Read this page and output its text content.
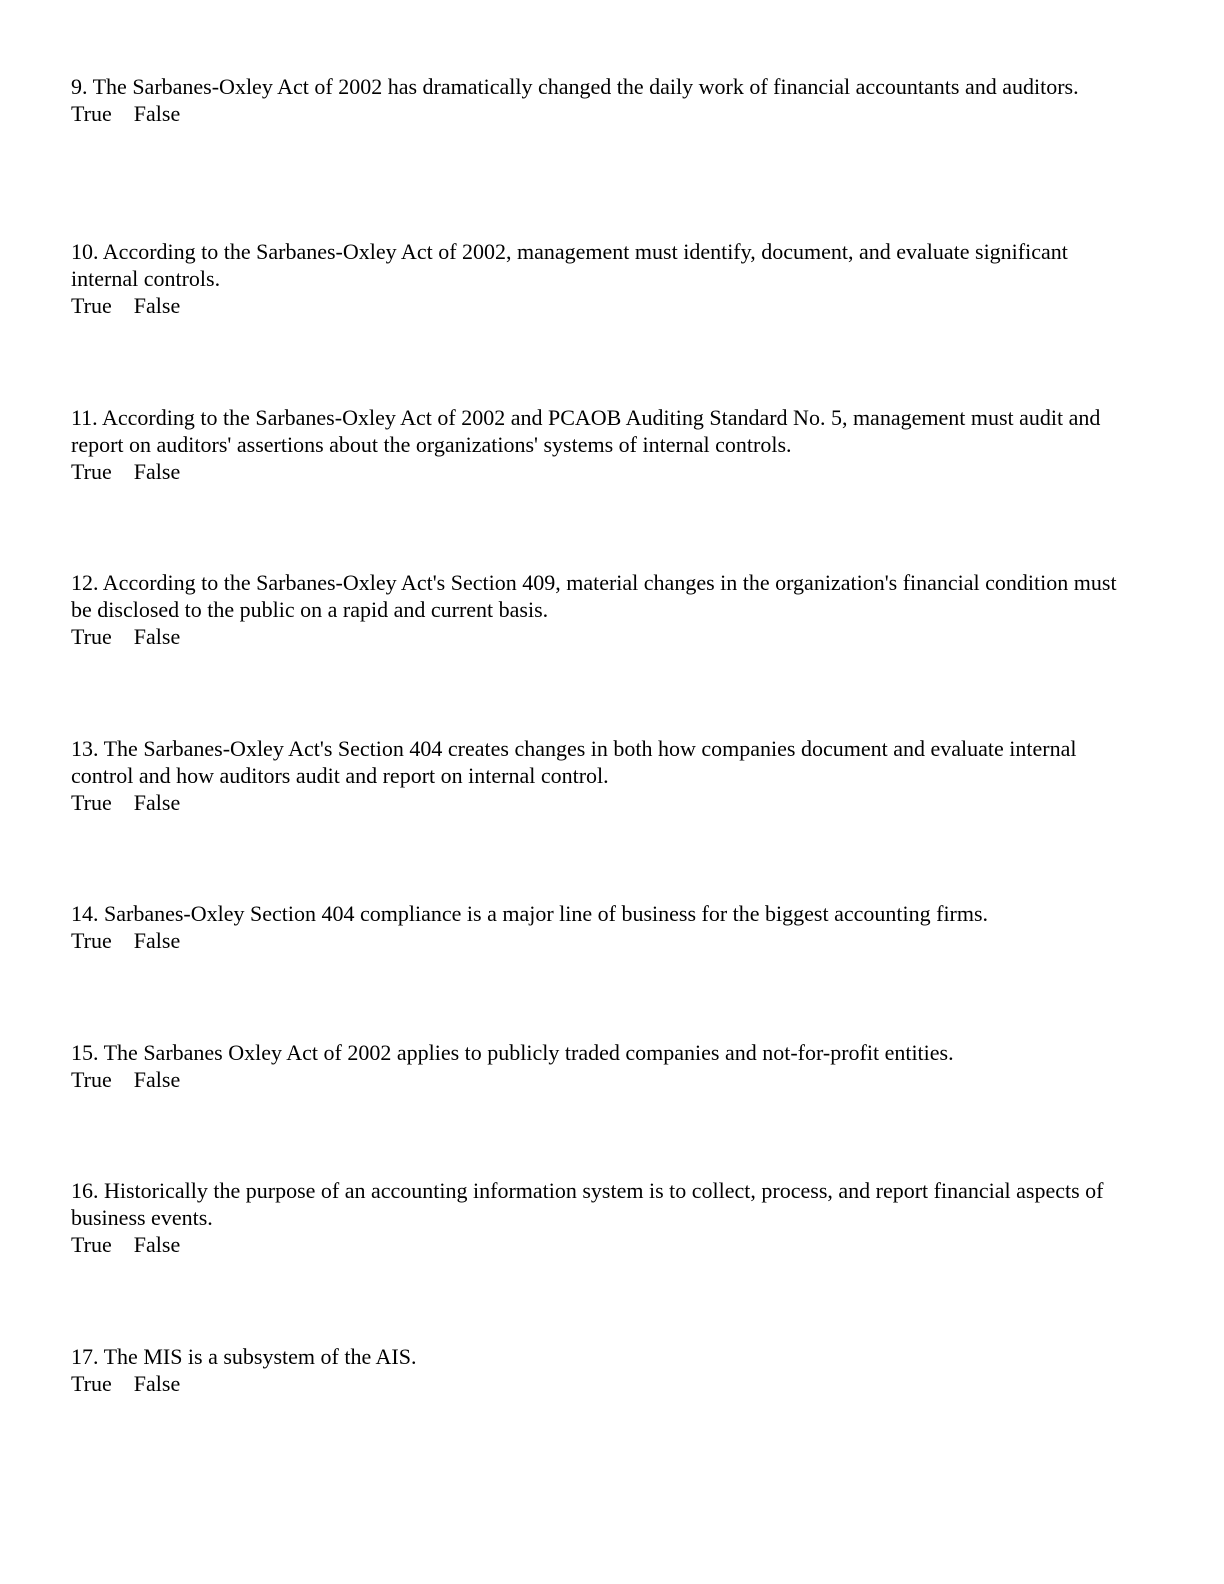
9. The Sarbanes-Oxley Act of 2002 has dramatically changed the daily work of financial accountants and auditors.

True False

10. According to the Sarbanes-Oxley Act of 2002, management must identify, document, and evaluate significant internal controls.

True False

11. According to the Sarbanes-Oxley Act of 2002 and PCAOB Auditing Standard No. 5, management must audit and report on auditors' assertions about the organizations' systems of internal controls.

True False

12. According to the Sarbanes-Oxley Act's Section 409, material changes in the organization's financial condition must be disclosed to the public on a rapid and current basis.

True False

13. The Sarbanes-Oxley Act's Section 404 creates changes in both how companies document and evaluate internal control and how auditors audit and report on internal control.

True False

14. Sarbanes-Oxley Section 404 compliance is a major line of business for the biggest accounting firms.

True False

15. The Sarbanes Oxley Act of 2002 applies to publicly traded companies and not-for-profit entities.

True False

16. Historically the purpose of an accounting information system is to collect, process, and report financial aspects of business events.

True False

17. The MIS is a subsystem of the AIS.

True False
